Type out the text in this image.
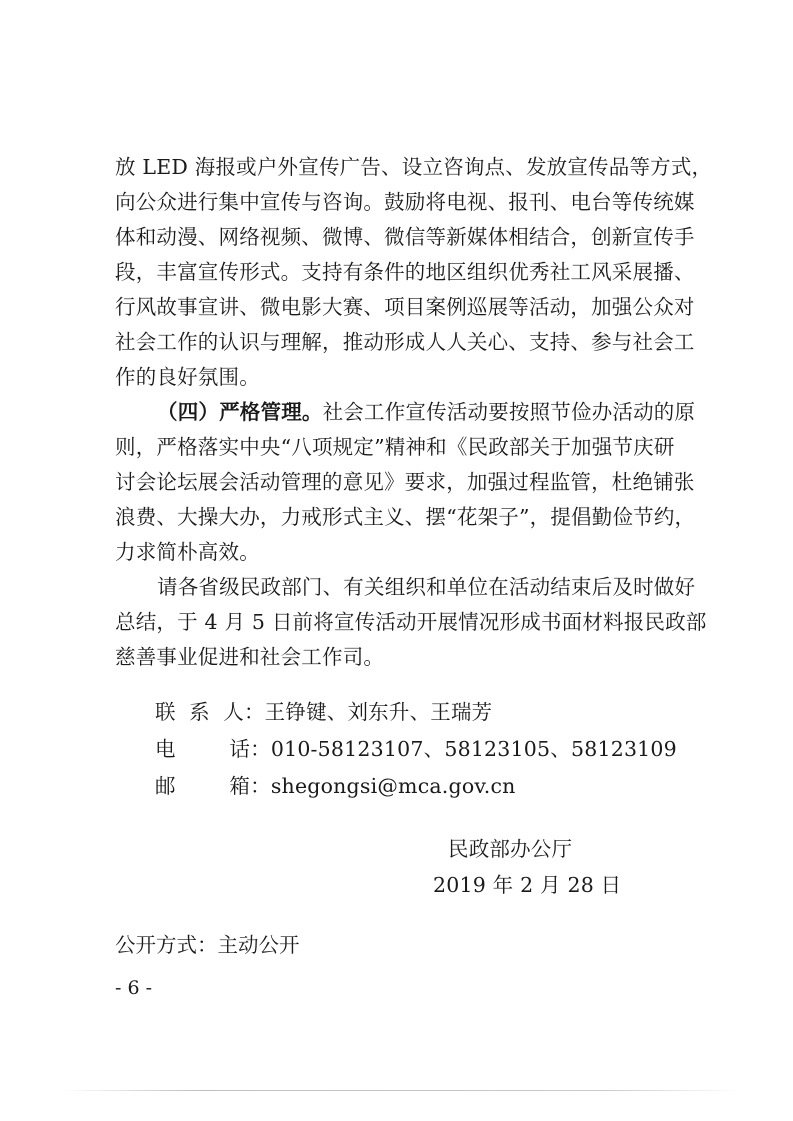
放 LED 海报或户外宣传广告、设立咨询点、发放宣传品等方式，
向公众进行集中宣传与咨询。鼓励将电视、报刊、电台等传统媒
体和动漫、网络视频、微博、微信等新媒体相结合，创新宣传手
段，丰富宣传形式。支持有条件的地区组织优秀社工风采展播、
行风故事宣讲、微电影大赛、项目案例巡展等活动，加强公众对
社会工作的认识与理解，推动形成人人关心、支持、参与社会工
作的良好氛围。
（四）严格管理。社会工作宣传活动要按照节俭办活动的原
则，严格落实中央“八项规定”精神和《民政部关于加强节庆研
讨会论坛展会活动管理的意见》要求，加强过程监管，杜绝铺张
浪费、大操大办，力戒形式主义、摆“花架子”，提倡勤俭节约，
力求简朴高效。
请各省级民政部门、有关组织和单位在活动结束后及时做好
总结，于 4 月 5 日前将宣传活动开展情况形成书面材料报民政部
慈善事业促进和社会工作司。
联  系  人：王铮键、刘东升、王瑞芳
电        话：010-58123107、58123105、58123109
邮        箱：shegongsi@mca.gov.cn
民政部办公厅
2019 年 2 月 28 日
公开方式：主动公开
- 6 -
